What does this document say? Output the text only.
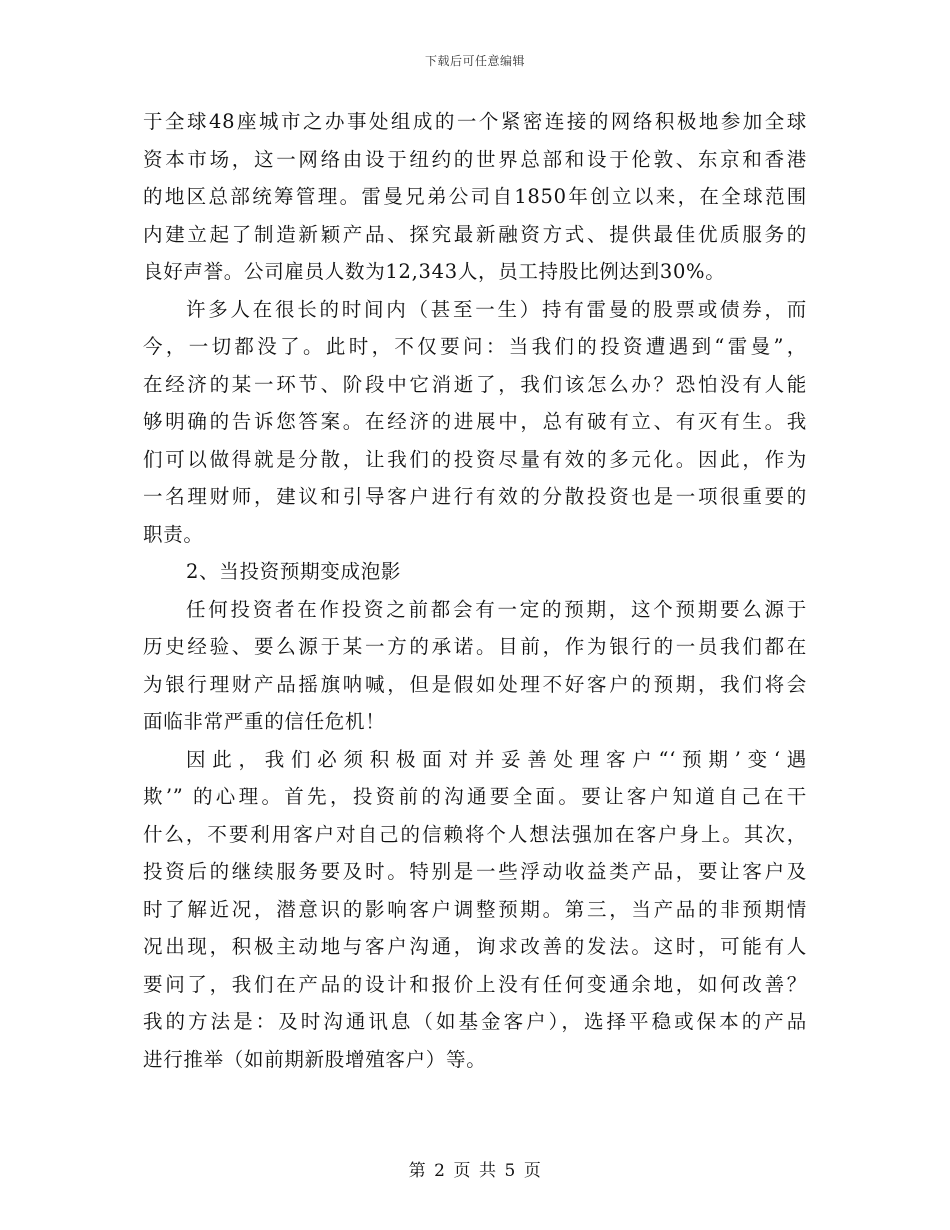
下载后可任意编辑
于全球48座城市之办事处组成的一个紧密连接的网络积极地参加全球
资本市场，这一网络由设于纽约的世界总部和设于伦敦、东京和香港
的地区总部统筹管理。雷曼兄弟公司自1850年创立以来，在全球范围
内建立起了制造新颖产品、探究最新融资方式、提供最佳优质服务的
良好声誉。公司雇员人数为12,343人，员工持股比例达到30%。
许多人在很长的时间内（甚至一生）持有雷曼的股票或债券，而
今，一切都没了。此时，不仅要问：当我们的投资遭遇到“雷曼”，
在经济的某一环节、阶段中它消逝了，我们该怎么办？恐怕没有人能
够明确的告诉您答案。在经济的进展中，总有破有立、有灭有生。我
们可以做得就是分散，让我们的投资尽量有效的多元化。因此，作为
一名理财师，建议和引导客户进行有效的分散投资也是一项很重要的
职责。
2、当投资预期变成泡影
任何投资者在作投资之前都会有一定的预期，这个预期要么源于
历史经验、要么源于某一方的承诺。目前，作为银行的一员我们都在
为银行理财产品摇旗呐喊，但是假如处理不好客户的预期，我们将会
面临非常严重的信任危机！
因此，我们必须积极面对并妥善处理客户“‘预期’变‘遇
欺’” 的心理。首先，投资前的沟通要全面。要让客户知道自己在干
什么，不要利用客户对自己的信赖将个人想法强加在客户身上。其次，
投资后的继续服务要及时。特别是一些浮动收益类产品，要让客户及
时了解近况，潜意识的影响客户调整预期。第三，当产品的非预期情
况出现，积极主动地与客户沟通，询求改善的发法。这时，可能有人
要问了，我们在产品的设计和报价上没有任何变通余地，如何改善？
我的方法是：及时沟通讯息（如基金客户），选择平稳或保本的产品
进行推举（如前期新股增殖客户）等。
第 2 页 共 5 页
